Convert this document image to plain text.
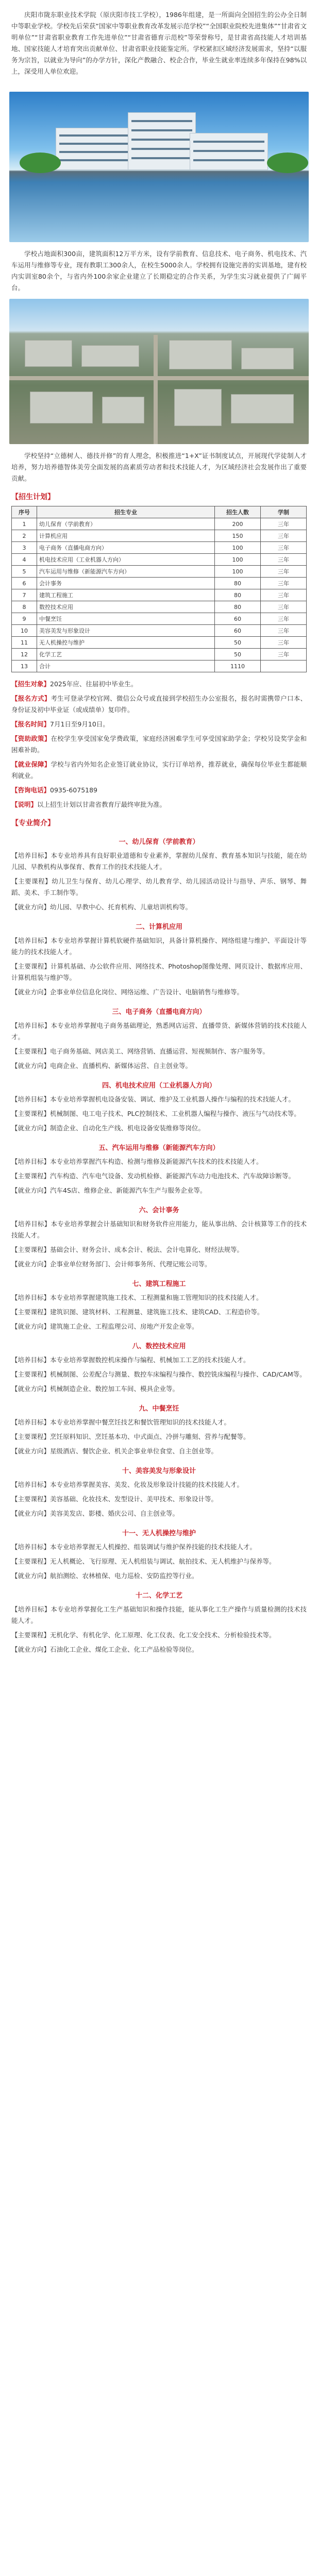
庆阳市陇东职业技术学院（原庆阳市技工学校），1986年组建，是一所面向全国招生的公办全日制中等职业学校。学校先后荣获“国家中等职业教育改革发展示范学校”“全国职业院校先进集体”“甘肃省文明单位”“甘肃省职业教育工作先进单位”“甘肃省德育示范校”等荣誉称号，是甘肃省高技能人才培训基地、国家技能人才培育突出贡献单位、甘肃省职业技能鉴定所。学校紧扣区域经济发展需求，坚持“以服务为宗旨，以就业为导向”的办学方针，深化产教融合、校企合作，毕业生就业率连续多年保持在98%以上，深受用人单位欢迎。

学校占地面积300亩，建筑面积12万平方米，设有学前教育、信息技术、电子商务、机电技术、汽车运用与维修等专业，现有教职工300余人，在校生5000余人。学校拥有设施完善的实训基地，建有校内实训室80余个，与省内外100余家企业建立了长期稳定的合作关系，为学生实习就业提供了广阔平台。

学校坚持“立德树人、德技并修”的育人理念，积极推进“1+X”证书制度试点，开展现代学徒制人才培养，努力培养德智体美劳全面发展的高素质劳动者和技术技能人才，为区域经济社会发展作出了重要贡献。

【招生计划】
序号	招生专业	招生人数	学制
1	幼儿保育（学前教育）	200	三年
2	计算机应用	150	三年
3	电子商务（直播电商方向）	100	三年
4	机电技术应用（工业机器人方向）	100	三年
5	汽车运用与维修（新能源汽车方向）	100	三年
6	会计事务	80	三年
7	建筑工程施工	80	三年
8	数控技术应用	80	三年
9	中餐烹饪	60	三年
10	美容美发与形象设计	60	三年
11	无人机操控与维护	50	三年
12	化学工艺	50	三年
13	合计	1110	
【招生对象】2025年应、往届初中毕业生。
【报名方式】考生可登录学校官网、微信公众号或直接到学校招生办公室报名，报名时需携带户口本、身份证及初中毕业证（或成绩单）复印件。
【报名时间】7月1日至9月10日。
【资助政策】在校学生享受国家免学费政策，家庭经济困难学生可享受国家助学金；学校另设奖学金和困难补助。
【就业保障】学校与省内外知名企业签订就业协议，实行订单培养，推荐就业，确保每位毕业生都能顺利就业。
【咨询电话】0935-6075189
【说明】以上招生计划以甘肃省教育厅最终审批为准。
【专业简介】
一、幼儿保育（学前教育）

【培养目标】本专业培养具有良好职业道德和专业素养，掌握幼儿保育、教育基本知识与技能，能在幼儿园、早教机构从事保育、教育工作的技术技能人才。

【主要课程】幼儿卫生与保育、幼儿心理学、幼儿教育学、幼儿园活动设计与指导、声乐、钢琴、舞蹈、美术、手工制作等。

【就业方向】幼儿园、早教中心、托育机构、儿童培训机构等。

二、计算机应用

【培养目标】本专业培养掌握计算机软硬件基础知识，具备计算机操作、网络组建与维护、平面设计等能力的技术技能人才。

【主要课程】计算机基础、办公软件应用、网络技术、Photoshop图像处理、网页设计、数据库应用、计算机组装与维护等。

【就业方向】企事业单位信息化岗位、网络运维、广告设计、电脑销售与维修等。

三、电子商务（直播电商方向）

【培养目标】本专业培养掌握电子商务基础理论，熟悉网店运营、直播带货、新媒体营销的技术技能人才。

【主要课程】电子商务基础、网店美工、网络营销、直播运营、短视频制作、客户服务等。

【就业方向】电商企业、直播机构、新媒体运营、自主创业等。

四、机电技术应用（工业机器人方向）

【培养目标】本专业培养掌握机电设备安装、调试、维护及工业机器人操作与编程的技术技能人才。

【主要课程】机械制图、电工电子技术、PLC控制技术、工业机器人编程与操作、液压与气动技术等。

【就业方向】制造企业、自动化生产线、机电设备安装维修等岗位。

五、汽车运用与维修（新能源汽车方向）

【培养目标】本专业培养掌握汽车构造、检测与维修及新能源汽车技术的技术技能人才。

【主要课程】汽车构造、汽车电气设备、发动机检修、新能源汽车动力电池技术、汽车故障诊断等。

【就业方向】汽车4S店、维修企业、新能源汽车生产与服务企业等。

六、会计事务

【培养目标】本专业培养掌握会计基础知识和财务软件应用能力，能从事出纳、会计核算等工作的技术技能人才。

【主要课程】基础会计、财务会计、成本会计、税法、会计电算化、财经法规等。

【就业方向】企事业单位财务部门、会计师事务所、代理记账公司等。

七、建筑工程施工

【培养目标】本专业培养掌握建筑施工技术、工程测量和施工管理知识的技术技能人才。

【主要课程】建筑识图、建筑材料、工程测量、建筑施工技术、建筑CAD、工程造价等。

【就业方向】建筑施工企业、工程监理公司、房地产开发企业等。

八、数控技术应用

【培养目标】本专业培养掌握数控机床操作与编程、机械加工工艺的技术技能人才。

【主要课程】机械制图、公差配合与测量、数控车床编程与操作、数控铣床编程与操作、CAD/CAM等。

【就业方向】机械制造企业、数控加工车间、模具企业等。

九、中餐烹饪

【培养目标】本专业培养掌握中餐烹饪技艺和餐饮管理知识的技术技能人才。

【主要课程】烹饪原料知识、烹饪基本功、中式面点、冷拼与雕刻、营养与配餐等。

【就业方向】星级酒店、餐饮企业、机关企事业单位食堂、自主创业等。

十、美容美发与形象设计

【培养目标】本专业培养掌握美容、美发、化妆及形象设计技能的技术技能人才。

【主要课程】美容基础、化妆技术、发型设计、美甲技术、形象设计等。

【就业方向】美容美发店、影楼、婚庆公司、自主创业等。

十一、无人机操控与维护

【培养目标】本专业培养掌握无人机操控、组装调试与维护保养技能的技术技能人才。

【主要课程】无人机概论、飞行原理、无人机组装与调试、航拍技术、无人机维护与保养等。

【就业方向】航拍测绘、农林植保、电力巡检、安防监控等行业。

十二、化学工艺

【培养目标】本专业培养掌握化工生产基础知识和操作技能，能从事化工生产操作与质量检测的技术技能人才。

【主要课程】无机化学、有机化学、化工原理、化工仪表、化工安全技术、分析检验技术等。

【就业方向】石油化工企业、煤化工企业、化工产品检验等岗位。
